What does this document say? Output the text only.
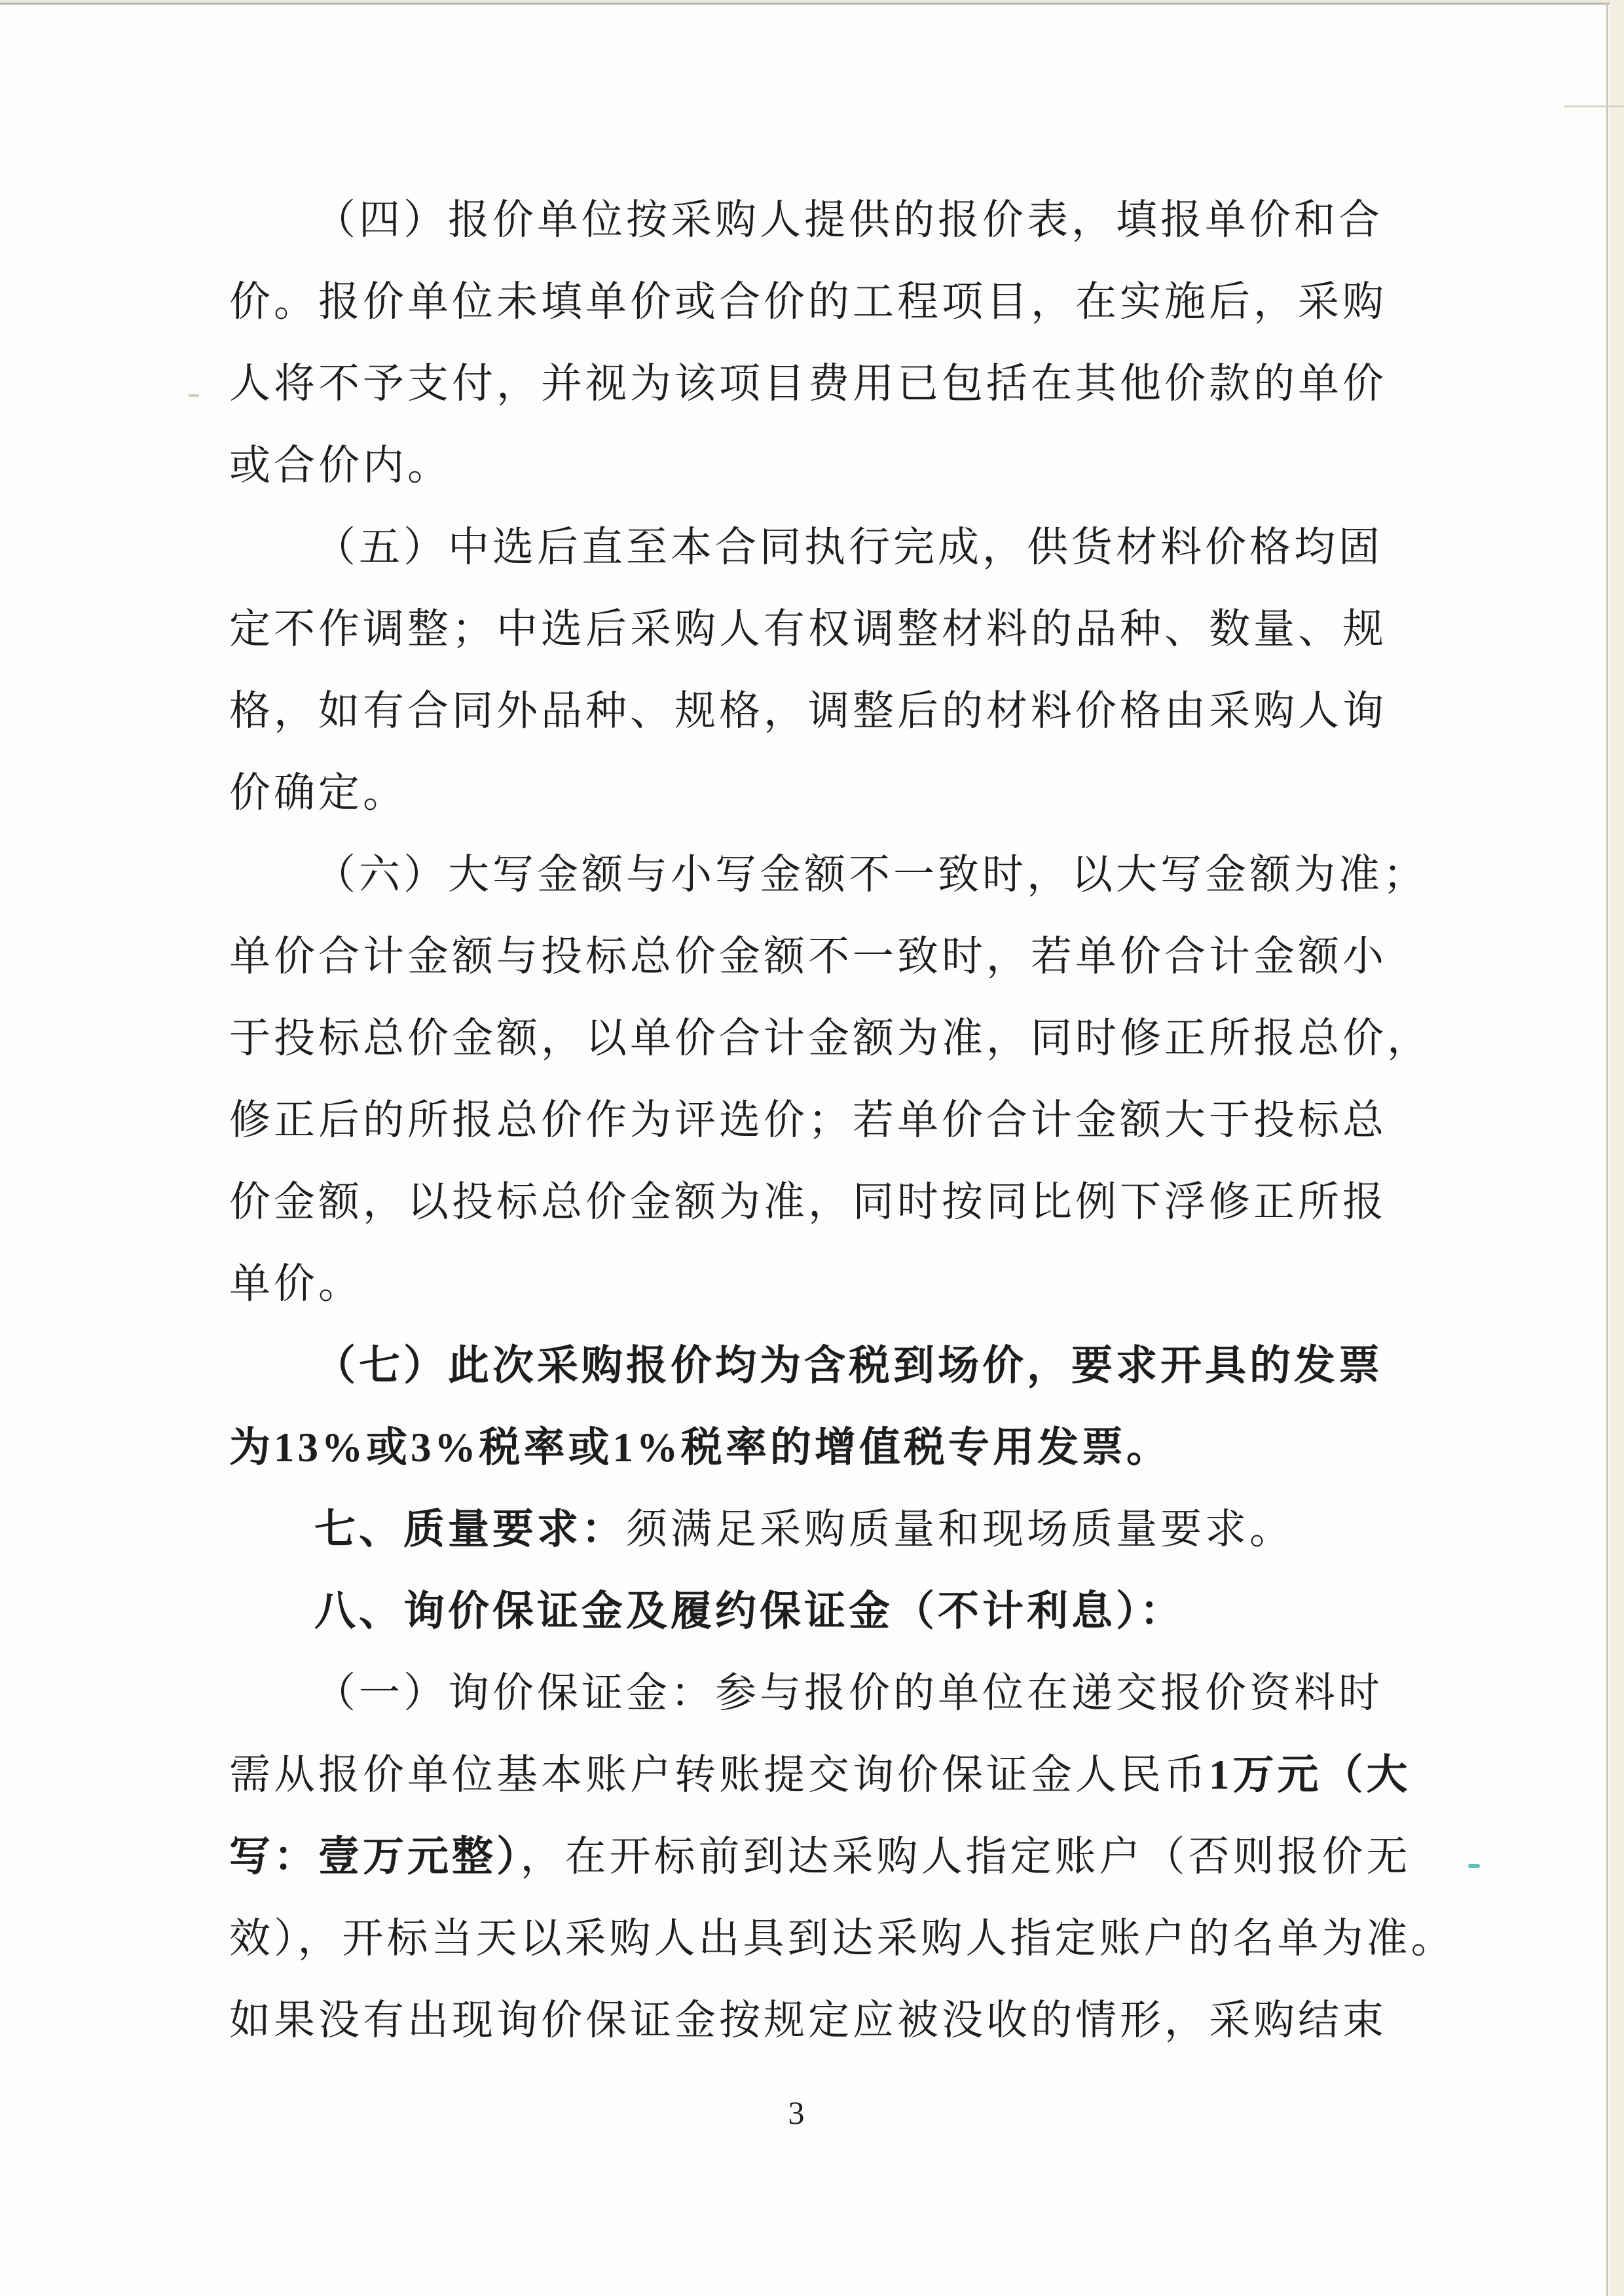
（四）报价单位按采购人提供的报价表，填报单价和合
价。报价单位未填单价或合价的工程项目，在实施后，采购
人将不予支付，并视为该项目费用已包括在其他价款的单价
或合价内。
（五）中选后直至本合同执行完成，供货材料价格均固
定不作调整；中选后采购人有权调整材料的品种、数量、规
格，如有合同外品种、规格，调整后的材料价格由采购人询
价确定。
（六）大写金额与小写金额不一致时，以大写金额为准；
单价合计金额与投标总价金额不一致时，若单价合计金额小
于投标总价金额，以单价合计金额为准，同时修正所报总价，
修正后的所报总价作为评选价；若单价合计金额大于投标总
价金额，以投标总价金额为准，同时按同比例下浮修正所报
单价。
（七）此次采购报价均为含税到场价，要求开具的发票
为13%或3%税率或1%税率的增值税专用发票。
七、质量要求：须满足采购质量和现场质量要求。
八、询价保证金及履约保证金（不计利息）：
（一）询价保证金：参与报价的单位在递交报价资料时
需从报价单位基本账户转账提交询价保证金人民币1万元（大
写：壹万元整），在开标前到达采购人指定账户（否则报价无
效），开标当天以采购人出具到达采购人指定账户的名单为准。
如果没有出现询价保证金按规定应被没收的情形，采购结束
3
